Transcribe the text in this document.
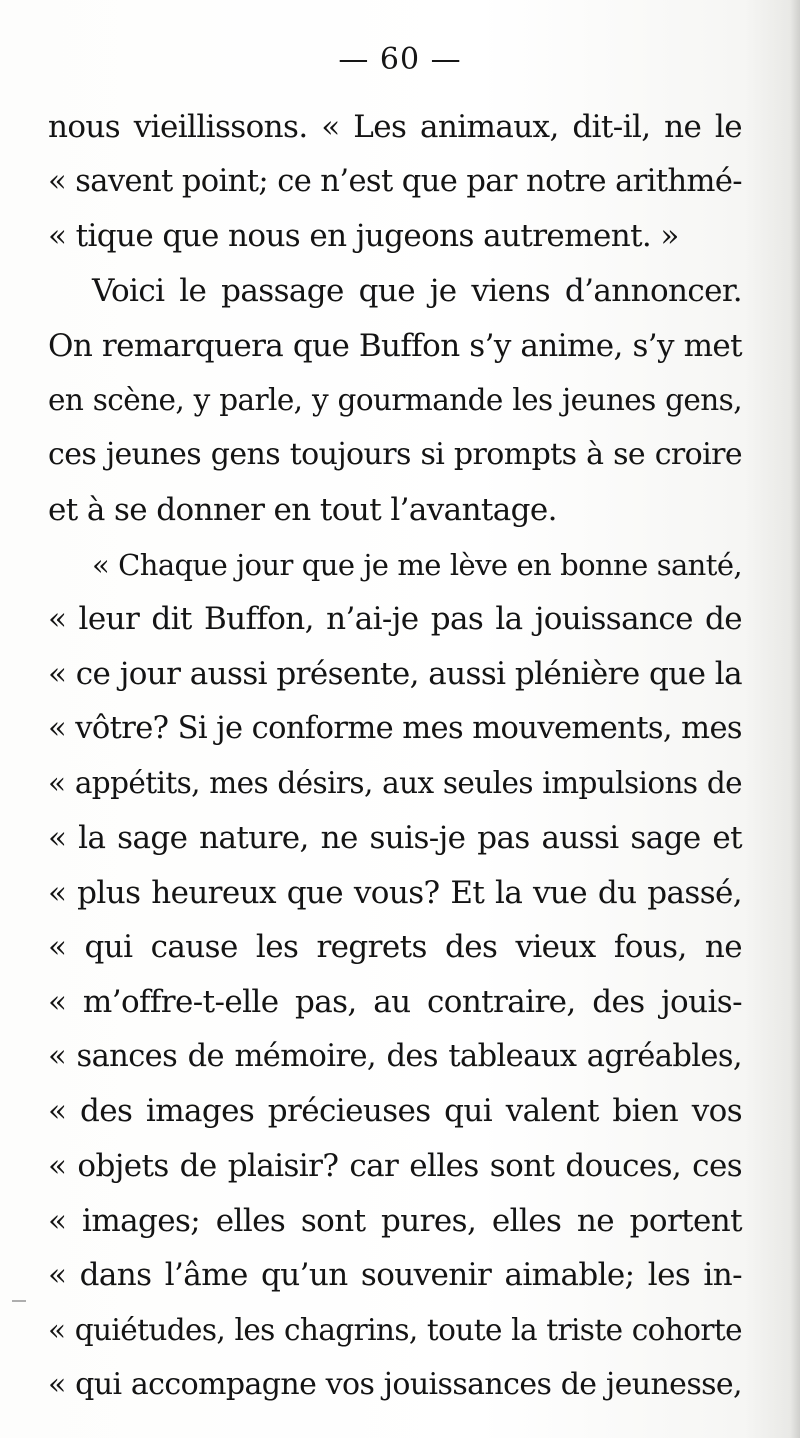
— 60 —
nous vieillissons. « Les animaux, dit-il, ne le
« savent point; ce n’est que par notre arithmé-
« tique que nous en jugeons autrement. »
Voici le passage que je viens d’annoncer.
On remarquera que Buffon s’y anime, s’y met
en scène, y parle, y gourmande les jeunes gens,
ces jeunes gens toujours si prompts à se croire
et à se donner en tout l’avantage.
« Chaque jour que je me lève en bonne santé,
« leur dit Buffon, n’ai-je pas la jouissance de
« ce jour aussi présente, aussi plénière que la
« vôtre? Si je conforme mes mouvements, mes
« appétits, mes désirs, aux seules impulsions de
« la sage nature, ne suis-je pas aussi sage et
« plus heureux que vous? Et la vue du passé,
« qui cause les regrets des vieux fous, ne
« m’offre-t-elle pas, au contraire, des jouis-
« sances de mémoire, des tableaux agréables,
« des images précieuses qui valent bien vos
« objets de plaisir? car elles sont douces, ces
« images; elles sont pures, elles ne portent
« dans l’âme qu’un souvenir aimable; les in-
« quiétudes, les chagrins, toute la triste cohorte
« qui accompagne vos jouissances de jeunesse,
